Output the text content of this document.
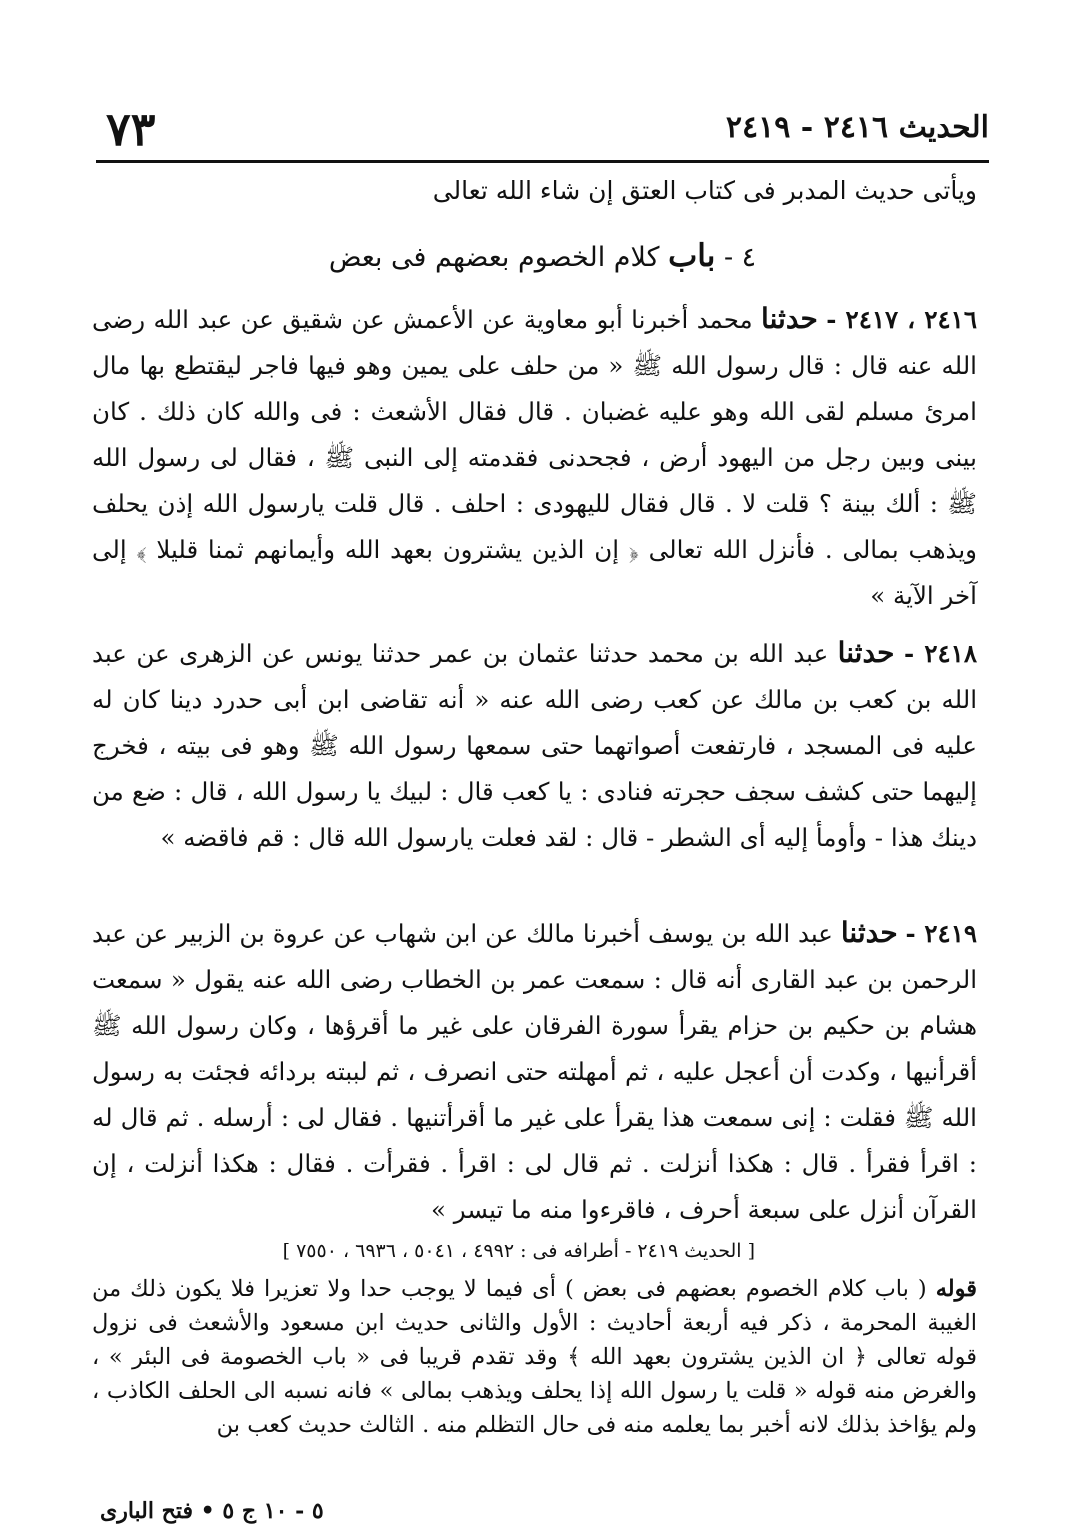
الحديث ٢٤١٦ - ٢٤١٩
٧٣
ويأتى حديث المدبر فى كتاب العتق إن شاء الله تعالى
٤ - باب كلام الخصوم بعضهم فى بعض
٢٤١٦ ، ٢٤١٧ - حدثنا محمد أخبرنا أبو معاوية عن الأعمش عن شقيق عن عبد الله رضى الله عنه قال : قال رسول الله ﷺ « من حلف على يمين وهو فيها فاجر ليقتطع بها مال امرئ مسلم لقى الله وهو عليه غضبان . قال فقال الأشعث : فى والله كان ذلك . كان بينى وبين رجل من اليهود أرض ، فجحدنى فقدمته إلى النبى ﷺ ، فقال لى رسول الله ﷺ : ألك بينة ؟ قلت لا . قال فقال لليهودى : احلف . قال قلت يارسول الله إذن يحلف ويذهب بمالى . فأنزل الله تعالى ﴿ إن الذين يشترون بعهد الله وأيمانهم ثمنا قليلا ﴾ إلى آخر الآية »
٢٤١٨ - حدثنا عبد الله بن محمد حدثنا عثمان بن عمر حدثنا يونس عن الزهرى عن عبد الله بن كعب بن مالك عن كعب رضى الله عنه « أنه تقاضى ابن أبى حدرد دينا كان له عليه فى المسجد ، فارتفعت أصواتهما حتى سمعها رسول الله ﷺ وهو فى بيته ، فخرج إليهما حتى كشف سجف حجرته فنادى : يا كعب قال : لبيك يا رسول الله ، قال : ضع من دينك هذا - وأومأ إليه أى الشطر - قال : لقد فعلت يارسول الله قال : قم فاقضه »
٢٤١٩ - حدثنا عبد الله بن يوسف أخبرنا مالك عن ابن شهاب عن عروة بن الزبير عن عبد الرحمن بن عبد القارى أنه قال : سمعت عمر بن الخطاب رضى الله عنه يقول « سمعت هشام بن حكيم بن حزام يقرأ سورة الفرقان على غير ما أقرؤها ، وكان رسول الله ﷺ أقرأنيها ، وكدت أن أعجل عليه ، ثم أمهلته حتى انصرف ، ثم لببته بردائه فجئت به رسول الله ﷺ فقلت : إنى سمعت هذا يقرأ على غير ما أقرأتنيها . فقال لى : أرسله . ثم قال له : اقرأ فقرأ . قال : هكذا أنزلت . ثم قال لى : اقرأ . فقرأت . فقال : هكذا أنزلت ، إن القرآن أنزل على سبعة أحرف ، فاقرءوا منه ما تيسر »
[ الحديث ٢٤١٩ - أطرافه فى : ٤٩٩٢ ، ٥٠٤١ ، ٦٩٣٦ ، ٧٥٥٠ ]
قوله ( باب كلام الخصوم بعضهم فى بعض ) أى فيما لا يوجب حدا ولا تعزيرا فلا يكون ذلك من الغيبة المحرمة ، ذكر فيه أربعة أحاديث : الأول والثانى حديث ابن مسعود والأشعث فى نزول قوله تعالى ﴿ ان الذين يشترون بعهد الله ﴾ وقد تقدم قريبا فى « باب الخصومة فى البئر » ، والغرض منه قوله « قلت يا رسول الله إذا يحلف ويذهب بمالى » فانه نسبه الى الحلف الكاذب ، ولم يؤاخذ بذلك لانه أخبر بما يعلمه منه فى حال التظلم منه . الثالث حديث كعب بن
٥ - ١٠ ج ٥ • فتح البارى
